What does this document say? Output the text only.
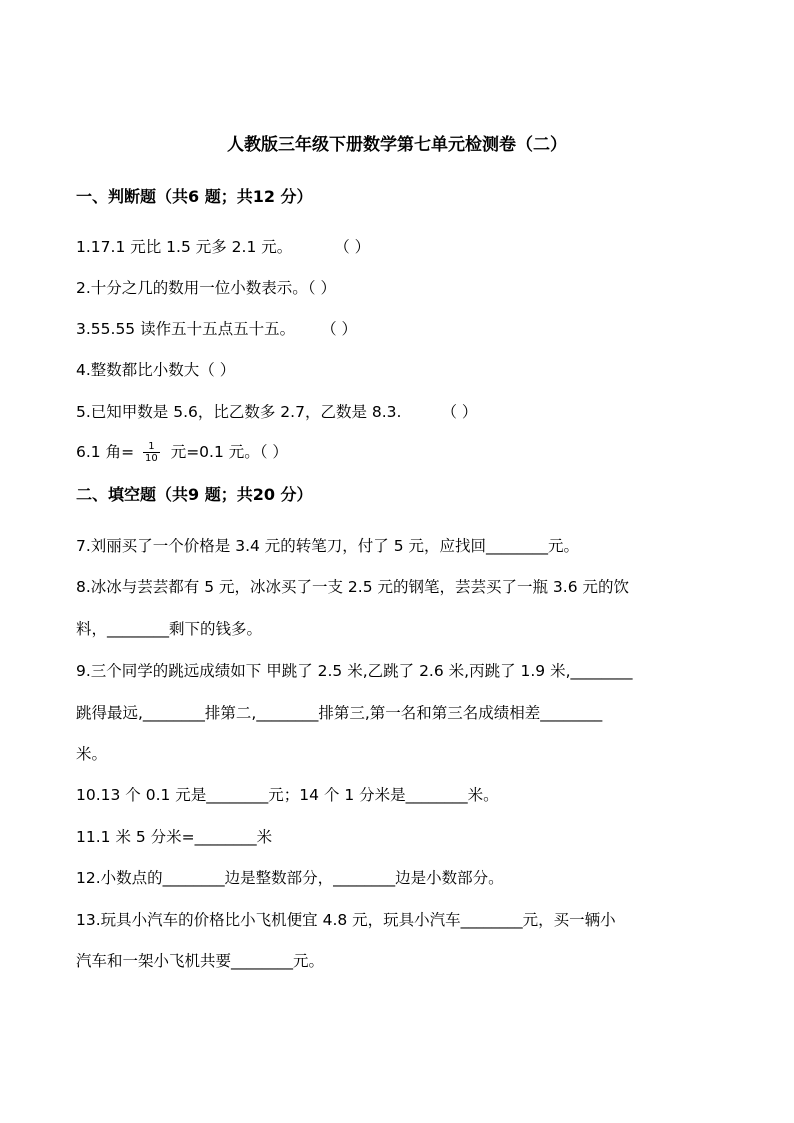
人教版三年级下册数学第七单元检测卷（二）
一、判断题（共6 题；共12 分）
1.17.1 元比 1.5 元多 2.1 元。	（ ）
2.十分之几的数用一位小数表示。（ ）
3.55.55 读作五十五点五十五。 （ ）
4.整数都比小数大（ ）
5.已知甲数是 5.6，比乙数多 2.7，乙数是 8.3.	（ ）
6.1 角= $\frac{1}{10}$ 元=0.1 元。（ ）
二、填空题（共9 题；共20 分）
7.刘丽买了一个价格是 3.4 元的转笔刀，付了 5 元，应找回________元。
8.冰冰与芸芸都有 5 元，冰冰买了一支 2.5 元的钢笔，芸芸买了一瓶 3.6 元的饮
料，________剩下的钱多。
9.三个同学的跳远成绩如下 甲跳了 2.5 米,乙跳了 2.6 米,丙跳了 1.9 米,________
跳得最远,________排第二,________排第三,第一名和第三名成绩相差________
米。
10.13 个 0.1 元是________元；14 个 1 分米是________米。
11.1 米 5 分米=________米
12.小数点的________边是整数部分，________边是小数部分。
13.玩具小汽车的价格比小飞机便宜 4.8 元，玩具小汽车________元，买一辆小
汽车和一架小飞机共要________元。
